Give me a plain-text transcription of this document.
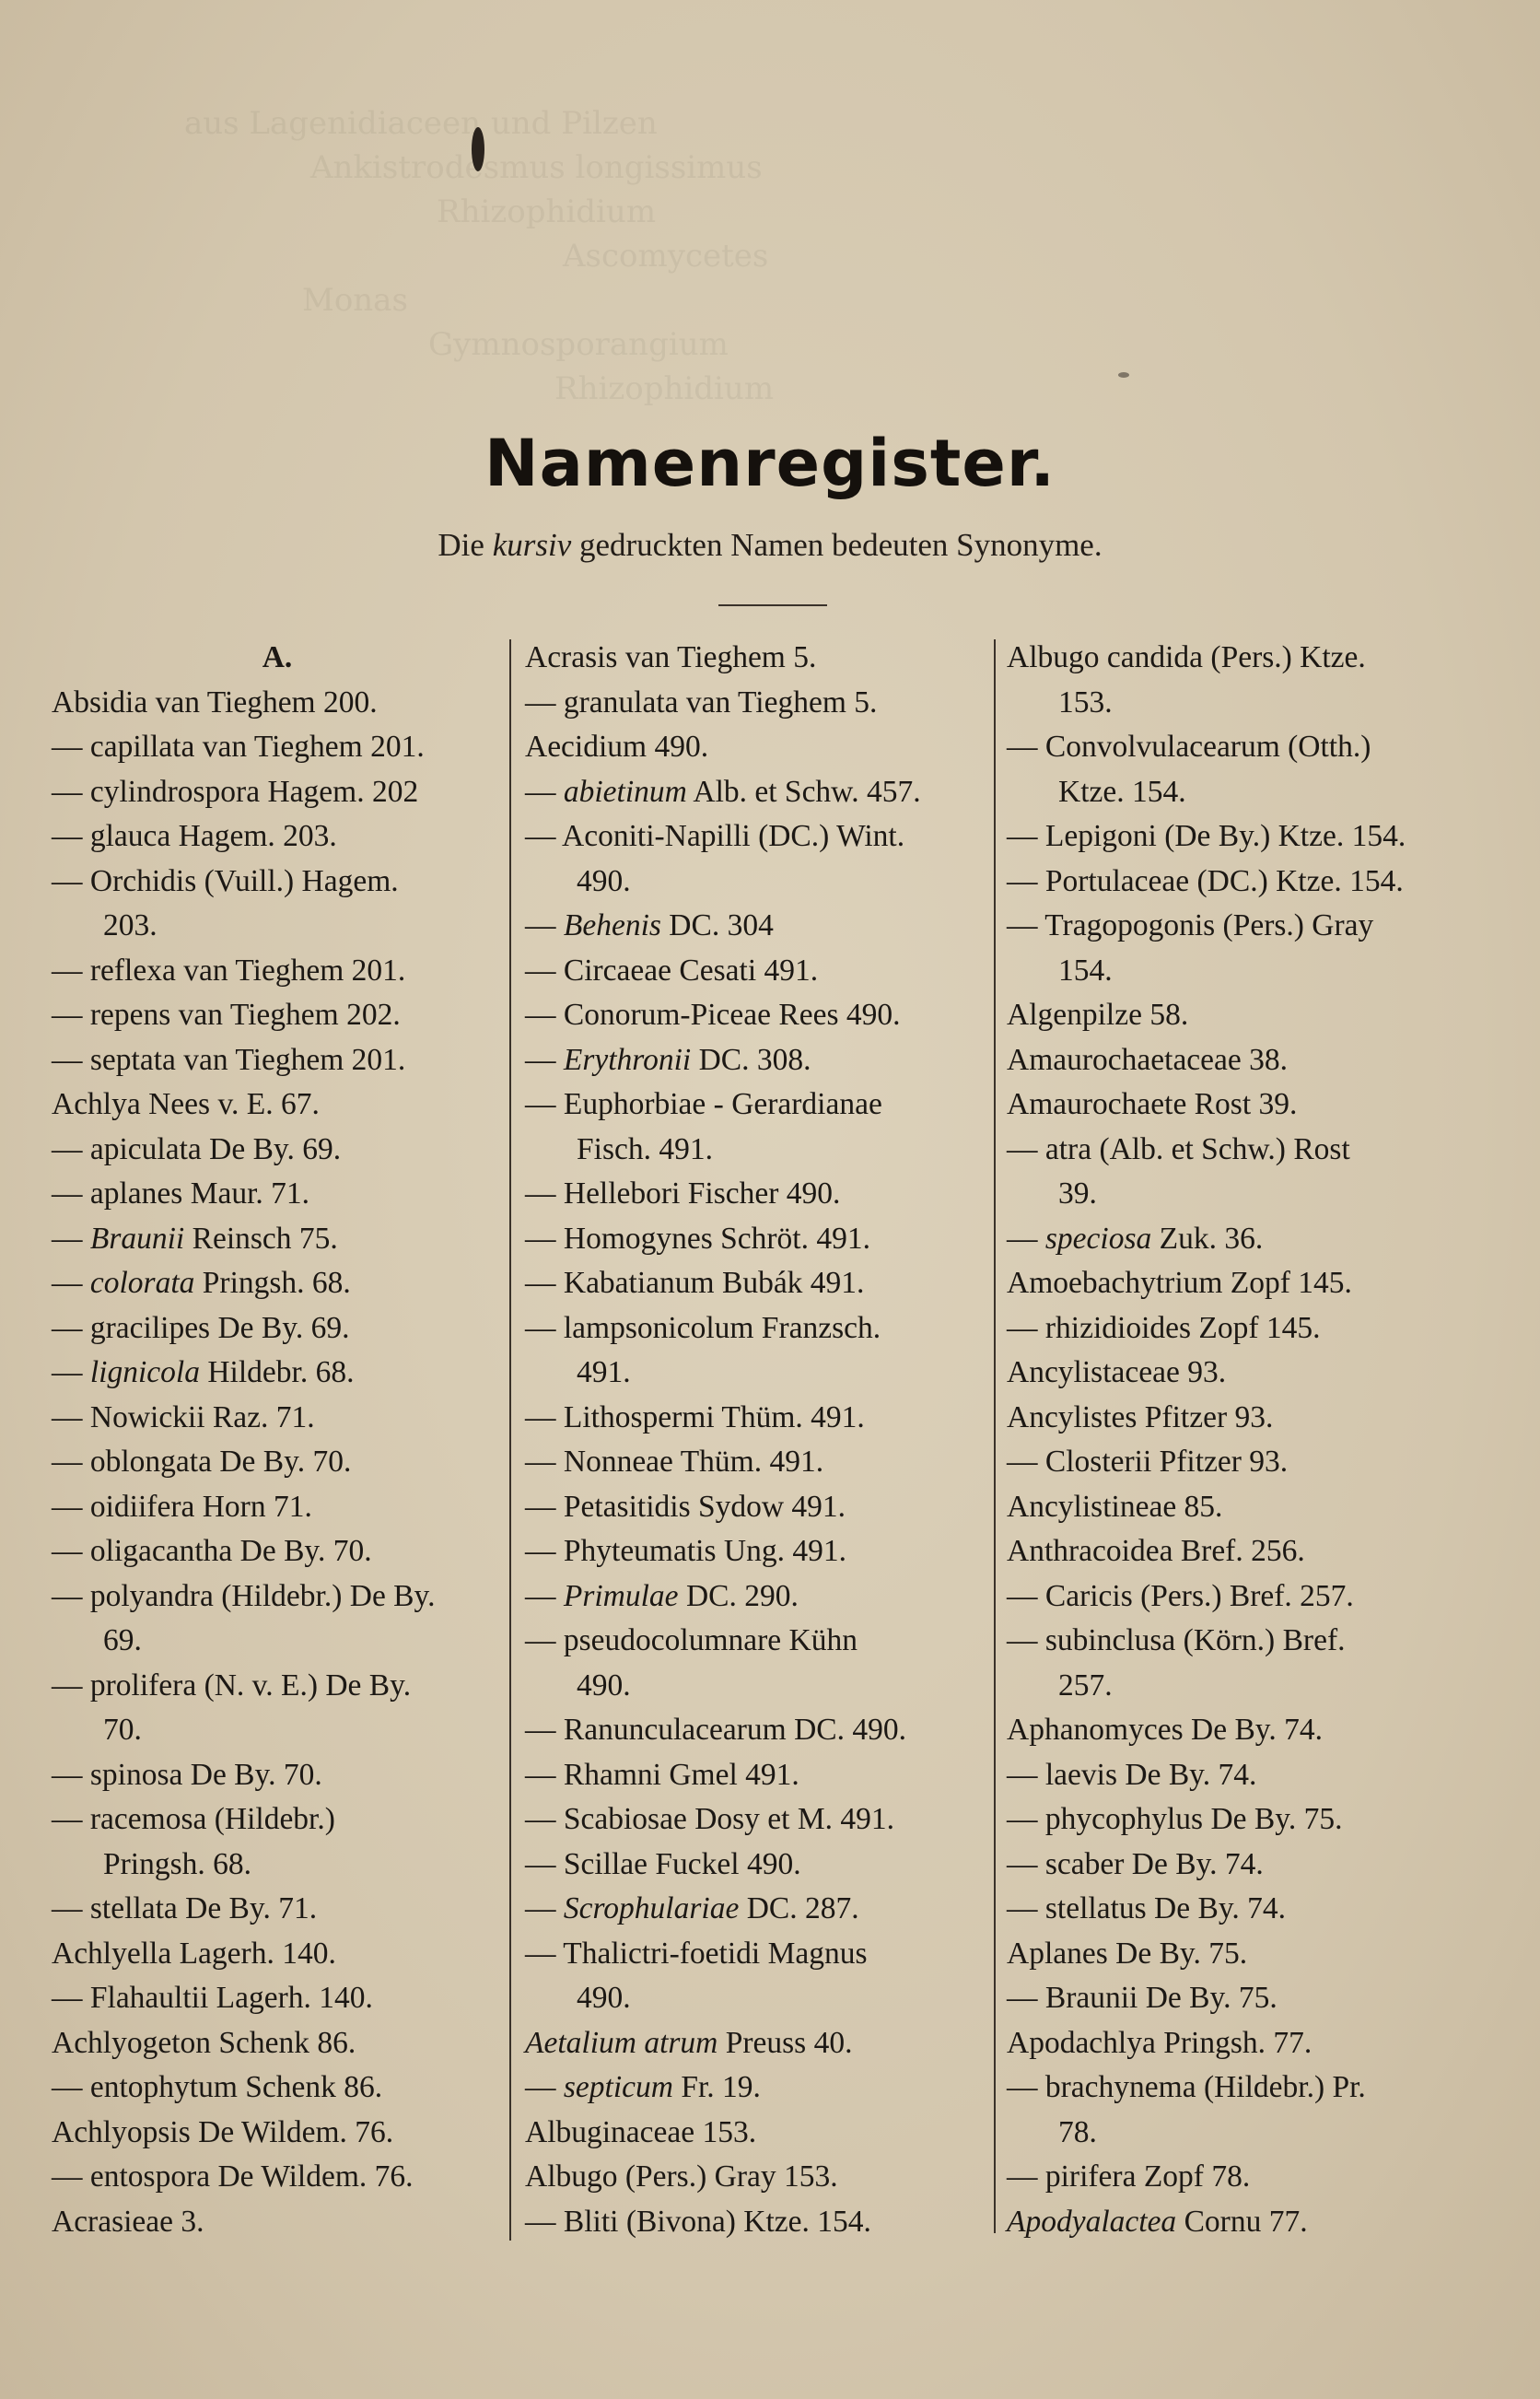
aus Lagenidiaceen und Pilzen
Ankistrodesmus longissimus
Rhizophidium
Ascomycetes
Monas
Gymnosporangium
Rhizophidium
Namenregister.
Die kursiv gedruckten Namen bedeuten Synonyme.
A.
Absidia van Tieghem 200.
— capillata van Tieghem 201.
— cylindrospora Hagem. 202
— glauca Hagem. 203.
— Orchidis (Vuill.) Hagem.
203.
— reflexa van Tieghem 201.
— repens van Tieghem 202.
— septata van Tieghem 201.
Achlya Nees v. E. 67.
— apiculata De By. 69.
— aplanes Maur. 71.
— Braunii Reinsch 75.
— colorata Pringsh. 68.
— gracilipes De By. 69.
— lignicola Hildebr. 68.
— Nowickii Raz. 71.
— oblongata De By. 70.
— oidiifera Horn 71.
— oligacantha De By. 70.
— polyandra (Hildebr.) De By.
69.
— prolifera (N. v. E.) De By.
70.
— spinosa De By. 70.
— racemosa (Hildebr.)
Pringsh. 68.
— stellata De By. 71.
Achlyella Lagerh. 140.
— Flahaultii Lagerh. 140.
Achlyogeton Schenk 86.
— entophytum Schenk 86.
Achlyopsis De Wildem. 76.
— entospora De Wildem. 76.
Acrasieae 3.
Acrasis van Tieghem 5.
— granulata van Tieghem 5.
Aecidium 490.
— abietinum Alb. et Schw. 457.
— Aconiti-Napilli (DC.) Wint.
490.
— Behenis DC. 304
— Circaeae Cesati 491.
— Conorum-Piceae Rees 490.
— Erythronii DC. 308.
— Euphorbiae - Gerardianae
Fisch. 491.
— Hellebori Fischer 490.
— Homogynes Schröt. 491.
— Kabatianum Bubák 491.
— lampsonicolum Franzsch.
491.
— Lithospermi Thüm. 491.
— Nonneae Thüm. 491.
— Petasitidis Sydow 491.
— Phyteumatis Ung. 491.
— Primulae DC. 290.
— pseudocolumnare Kühn
490.
— Ranunculacearum DC. 490.
— Rhamni Gmel 491.
— Scabiosae Dosy et M. 491.
— Scillae Fuckel 490.
— Scrophulariae DC. 287.
— Thalictri-foetidi Magnus
490.
Aetalium atrum Preuss 40.
— septicum Fr. 19.
Albuginaceae 153.
Albugo (Pers.) Gray 153.
— Bliti (Bivona) Ktze. 154.
Albugo candida (Pers.) Ktze.
153.
— Convolvulacearum (Otth.)
Ktze. 154.
— Lepigoni (De By.) Ktze. 154.
— Portulaceae (DC.) Ktze. 154.
— Tragopogonis (Pers.) Gray
154.
Algenpilze 58.
Amaurochaetaceae 38.
Amaurochaete Rost 39.
— atra (Alb. et Schw.) Rost
39.
— speciosa Zuk. 36.
Amoebachytrium Zopf 145.
— rhizidioides Zopf 145.
Ancylistaceae 93.
Ancylistes Pfitzer 93.
— Closterii Pfitzer 93.
Ancylistineae 85.
Anthracoidea Bref. 256.
— Caricis (Pers.) Bref. 257.
— subinclusa (Körn.) Bref.
257.
Aphanomyces De By. 74.
— laevis De By. 74.
— phycophylus De By. 75.
— scaber De By. 74.
— stellatus De By. 74.
Aplanes De By. 75.
— Braunii De By. 75.
Apodachlya Pringsh. 77.
— brachynema (Hildebr.) Pr.
78.
— pirifera Zopf 78.
Apodyalactea Cornu 77.
